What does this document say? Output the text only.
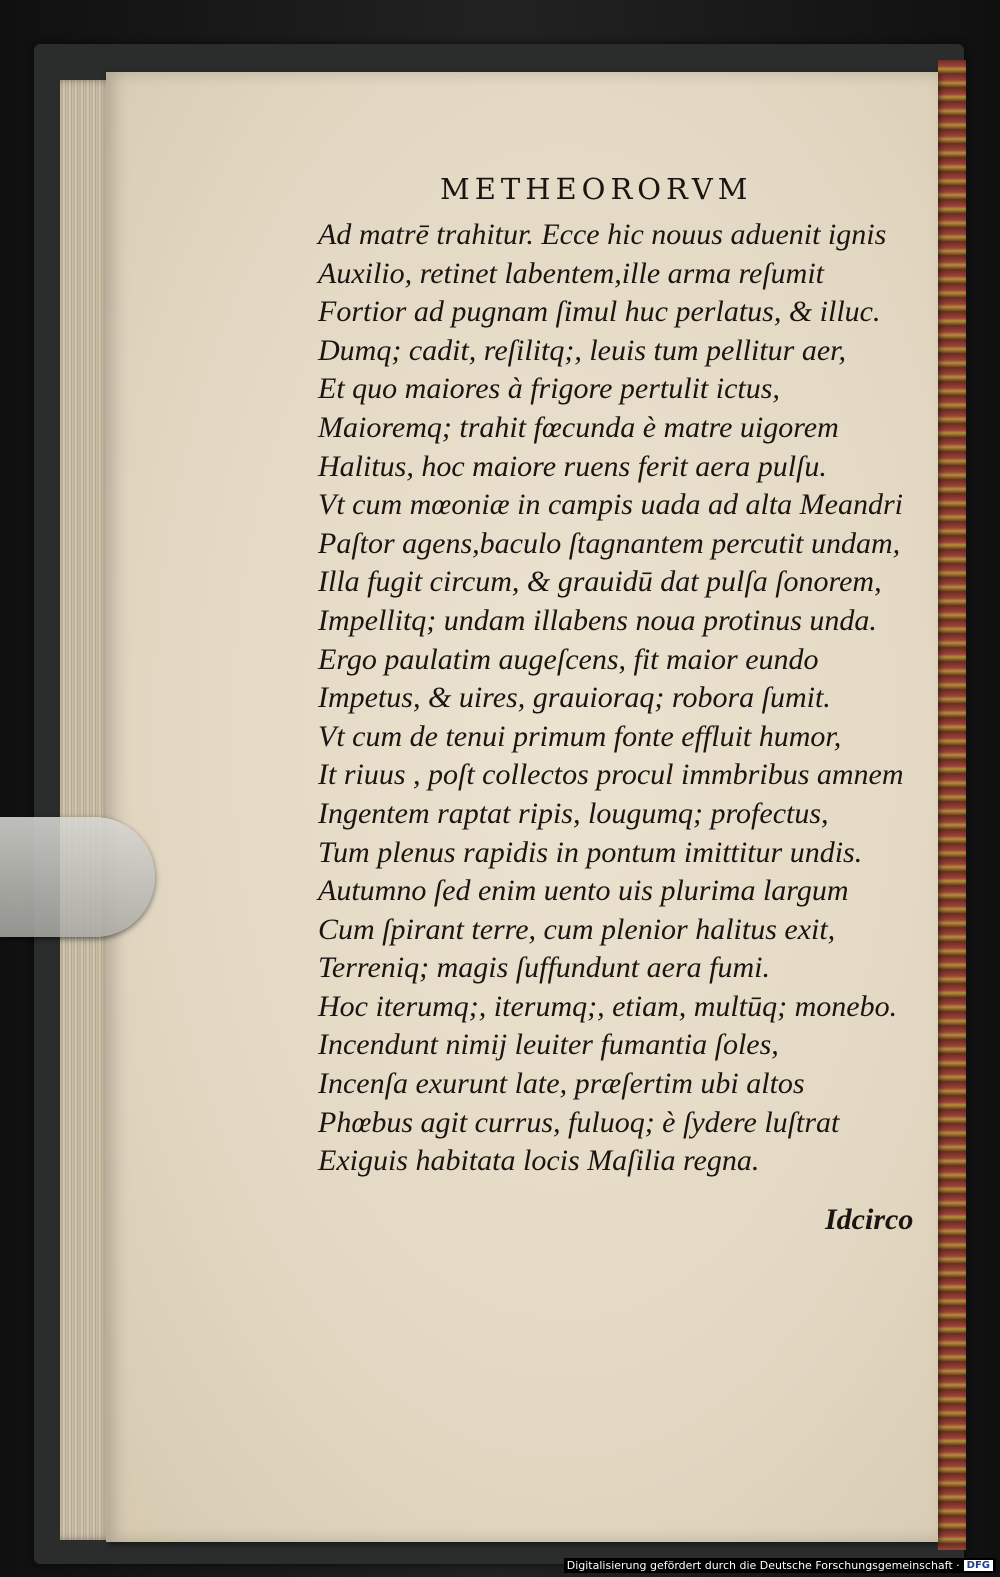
METHEORORVM
Ad matrē trahitur. Ecce hic nouus aduenit ignis
Auxilio, retinet labentem,ille arma reſumit
Fortior ad pugnam ſimul huc perlatus, & illuc.
Dumq; cadit, reſilitq;, leuis tum pellitur aer,
Et quo maiores à frigore pertulit ictus,
Maioremq; trahit fœcunda è matre uigorem
Halitus, hoc maiore ruens ferit aera pulſu.
Vt cum mœoniæ in campis uada ad alta Meandri
Paſtor agens,baculo ſtagnantem percutit undam,
Illa fugit circum, & grauidū dat pulſa ſonorem,
Impellitq; undam illabens noua protinus unda.
Ergo paulatim augeſcens, fit maior eundo
Impetus, & uires, grauioraq; robora ſumit.
Vt cum de tenui primum fonte effluit humor,
It riuus , poſt collectos procul immbribus amnem
Ingentem raptat ripis, lougumq; profectus,
Tum plenus rapidis in pontum imittitur undis.
Autumno ſed enim uento uis plurima largum
Cum ſpirant terre, cum plenior halitus exit,
Terreniq; magis ſuffundunt aera fumi.
Hoc iterumq;, iterumq;, etiam, multūq; monebo.
Incendunt nimij leuiter fumantia ſoles,
Incenſa exurunt late, præſertim ubi altos
Phœbus agit currus, fuluoq; è ſydere luſtrat
Exiguis habitata locis Maſilia regna.
Idcirco
Digitalisierung gefördert durch die Deutsche Forschungsgemeinschaft · DFG
